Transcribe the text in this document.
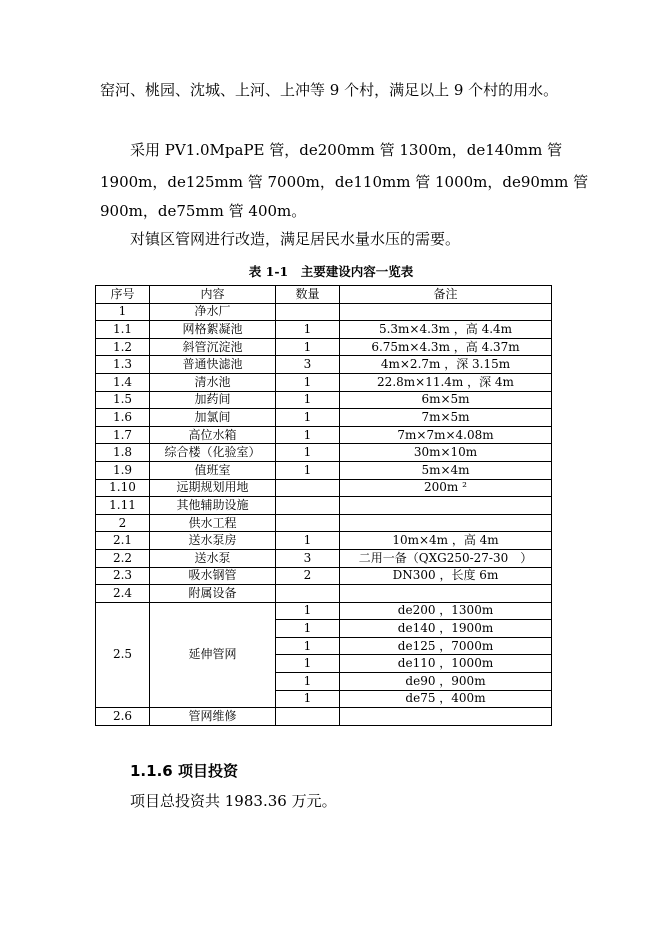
窑河、桃园、沈城、上河、上冲等 9 个村，满足以上 9 个村的用水。
采用 PV1.0MpaPE 管，de200mm 管 1300m，de140mm 管
1900m，de125mm 管 7000m，de110mm 管 1000m，de90mm 管
900m，de75mm 管 400m。
对镇区管网进行改造，满足居民水量水压的需要。
表 1-1　主要建设内容一览表
序号	内容	数量	备注
1	净水厂		
1.1	网格絮凝池	1	5.3m×4.3m ，高 4.4m
1.2	斜管沉淀池	1	6.75m×4.3m ，高 4.37m
1.3	普通快滤池	3	4m×2.7m ，深 3.15m
1.4	清水池	1	22.8m×11.4m ，深 4m
1.5	加药间	1	6m×5m
1.6	加氯间	1	7m×5m
1.7	高位水箱	1	7m×7m×4.08m
1.8	综合楼（化验室）	1	30m×10m
1.9	值班室	1	5m×4m
1.10	远期规划用地		200m ²
1.11	其他辅助设施		
2	供水工程		
2.1	送水泵房	1	10m×4m ，高 4m
2.2	送水泵	3	二用一备（QXG250-27-30　）
2.3	吸水钢管	2	DN300 ，长度 6m
2.4	附属设备		
2.5	延伸管网	1	de200 ，1300m
		1	de140 ，1900m
		1	de125 ，7000m
		1	de110 ，1000m
		1	de90 ，900m
		1	de75 ，400m
2.6	管网维修		
1.1.6 项目投资
项目总投资共 1983.36 万元。
